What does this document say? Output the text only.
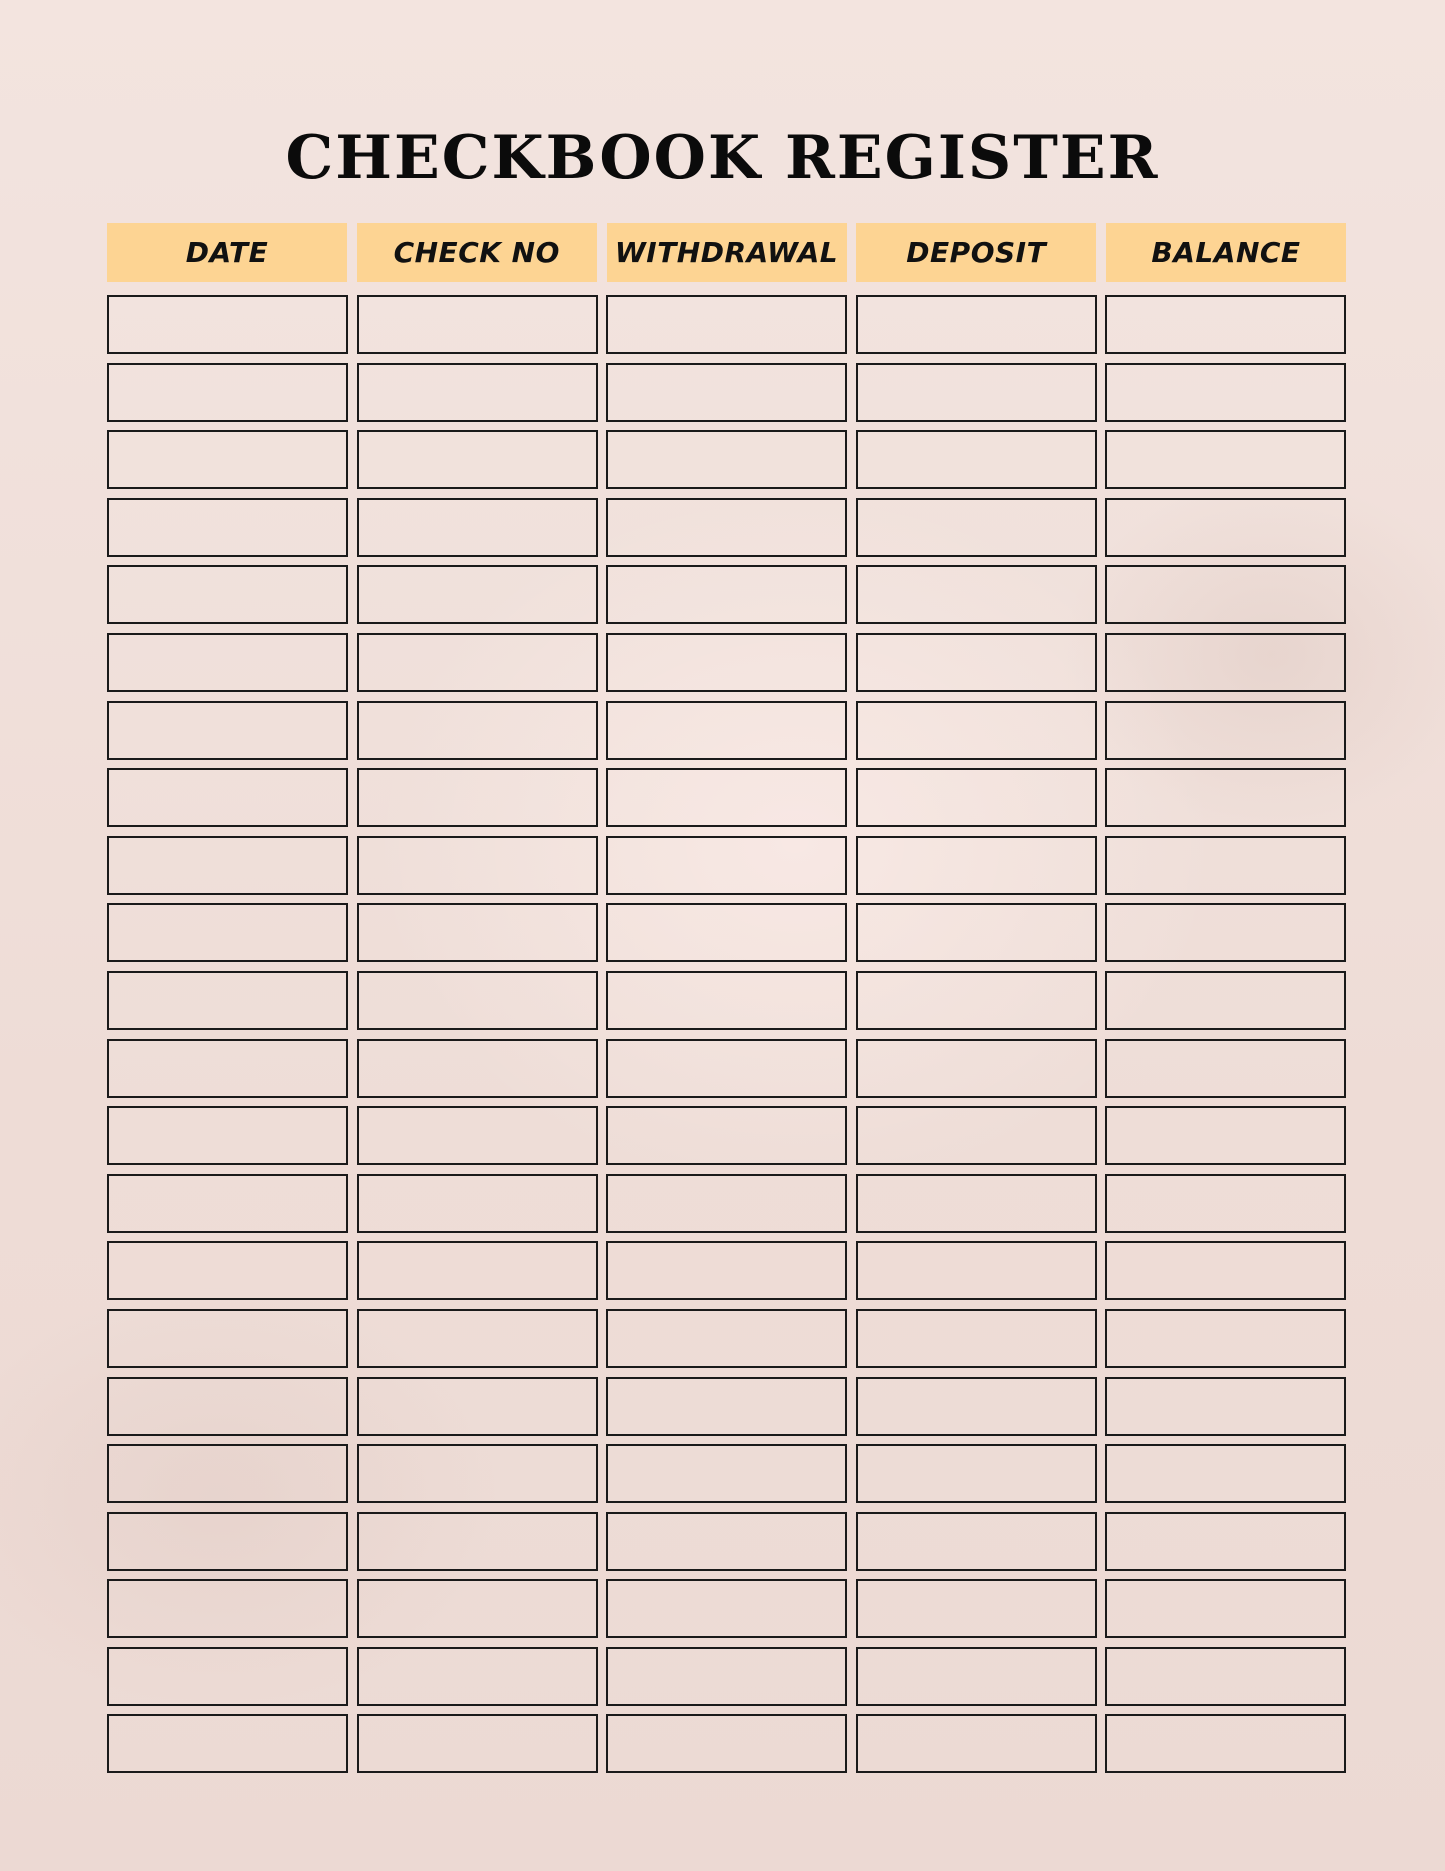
CHECKBOOK REGISTER
DATE	CHECK NO	WITHDRAWAL	DEPOSIT	BALANCE
